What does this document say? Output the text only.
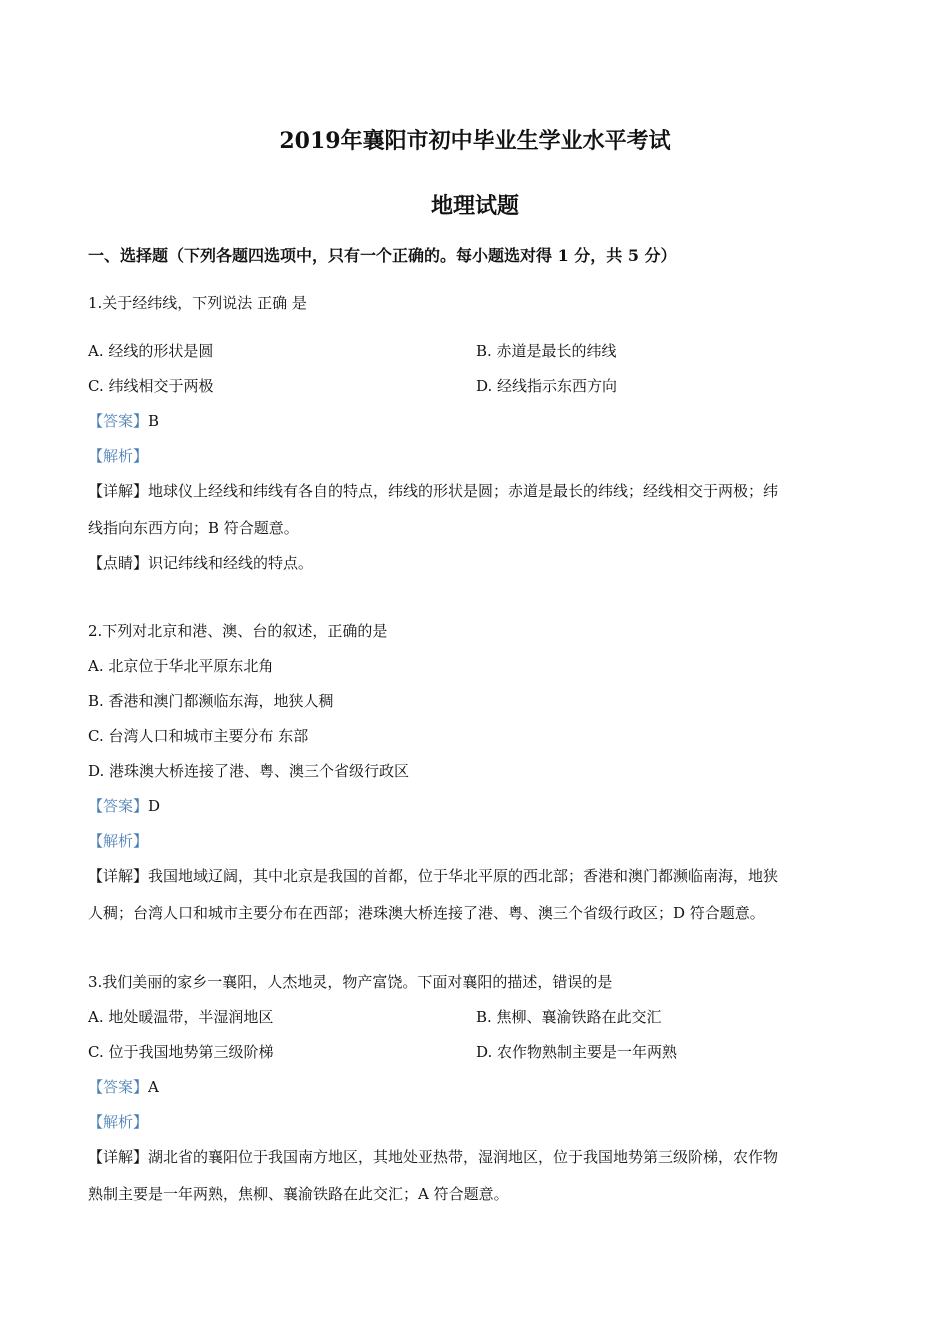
2019年襄阳市初中毕业生学业水平考试
地理试题
一、选择题（下列各题四选项中，只有一个正确的。每小题选对得 1 分，共 5 分）
1.关于经纬线，下列说法 正确 是
A. 经线的形状是圆	B. 赤道是最长的纬线
C. 纬线相交于两极	D. 经线指示东西方向
【答案】B
【解析】
【详解】地球仪上经线和纬线有各自的特点，纬线的形状是圆；赤道是最长的纬线；经线相交于两极；纬
线指向东西方向；B 符合题意。
【点睛】识记纬线和经线的特点。
2.下列对北京和港、澳、台的叙述，正确的是
A. 北京位于华北平原东北角
B. 香港和澳门都濒临东海，地狭人稠
C. 台湾人口和城市主要分布 东部
D. 港珠澳大桥连接了港、粤、澳三个省级行政区
【答案】D
【解析】
【详解】我国地域辽阔，其中北京是我国的首都，位于华北平原的西北部；香港和澳门都濒临南海，地狭
人稠；台湾人口和城市主要分布在西部；港珠澳大桥连接了港、粤、澳三个省级行政区；D 符合题意。
3.我们美丽的家乡一襄阳，人杰地灵，物产富饶。下面对襄阳的描述，错误的是
A. 地处暖温带，半湿润地区	B. 焦柳、襄渝铁路在此交汇
C. 位于我国地势第三级阶梯	D. 农作物熟制主要是一年两熟
【答案】A
【解析】
【详解】湖北省的襄阳位于我国南方地区，其地处亚热带，湿润地区，位于我国地势第三级阶梯，农作物
熟制主要是一年两熟，焦柳、襄渝铁路在此交汇；A 符合题意。
